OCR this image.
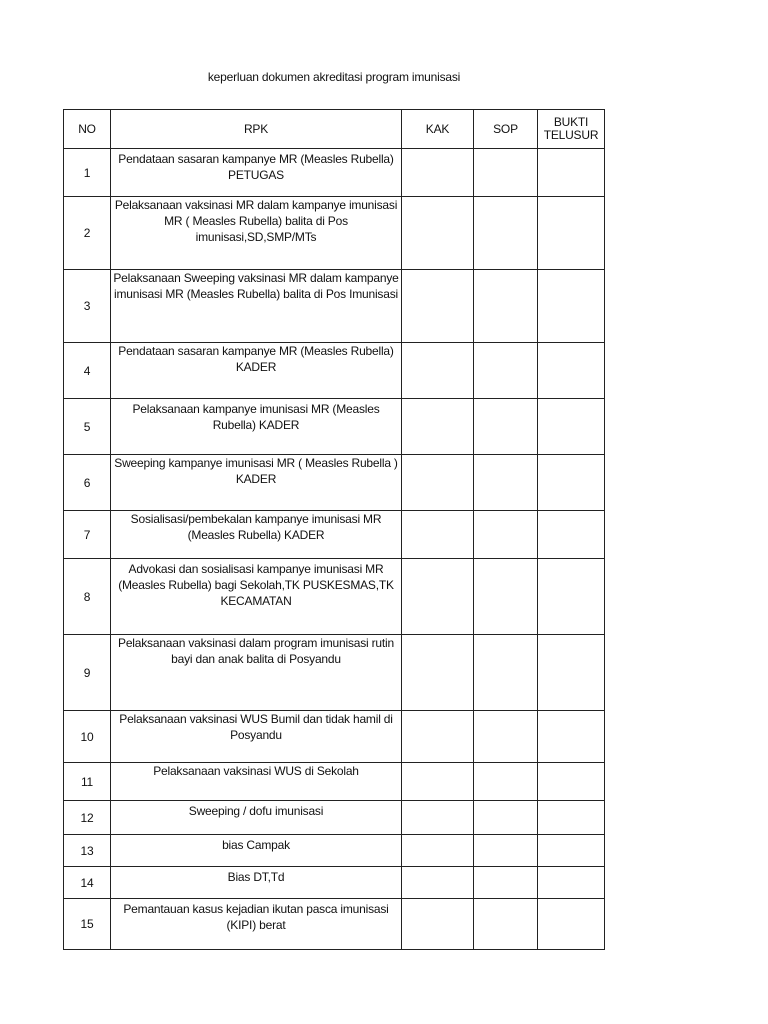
keperluan dokumen akreditasi program imunisasi
NO	RPK	KAK	SOP	BUKTI
TELUSUR
1	Pendataan sasaran kampanye MR (Measles Rubella) PETUGAS			
2	Pelaksanaan vaksinasi MR dalam kampanye imunisasi MR ( Measles Rubella) balita di Pos imunisasi,SD,SMP/MTs			
3	Pelaksanaan Sweeping vaksinasi MR dalam kampanye imunisasi MR (Measles Rubella) balita di Pos Imunisasi			
4	Pendataan sasaran kampanye MR (Measles Rubella) KADER			
5	Pelaksanaan kampanye imunisasi MR (Measles Rubella) KADER			
6	Sweeping kampanye imunisasi MR ( Measles Rubella ) KADER			
7	Sosialisasi/pembekalan kampanye imunisasi MR (Measles Rubella) KADER			
8	Advokasi dan sosialisasi kampanye imunisasi MR (Measles Rubella) bagi Sekolah,TK PUSKESMAS,TK KECAMATAN			
9	Pelaksanaan vaksinasi dalam program imunisasi rutin bayi dan anak balita di Posyandu			
10	Pelaksanaan vaksinasi WUS Bumil dan tidak hamil di Posyandu			
11	Pelaksanaan vaksinasi WUS di Sekolah			
12	Sweeping / dofu imunisasi			
13	bias Campak			
14	Bias DT,Td			
15	Pemantauan kasus kejadian ikutan pasca imunisasi (KIPI) berat			
